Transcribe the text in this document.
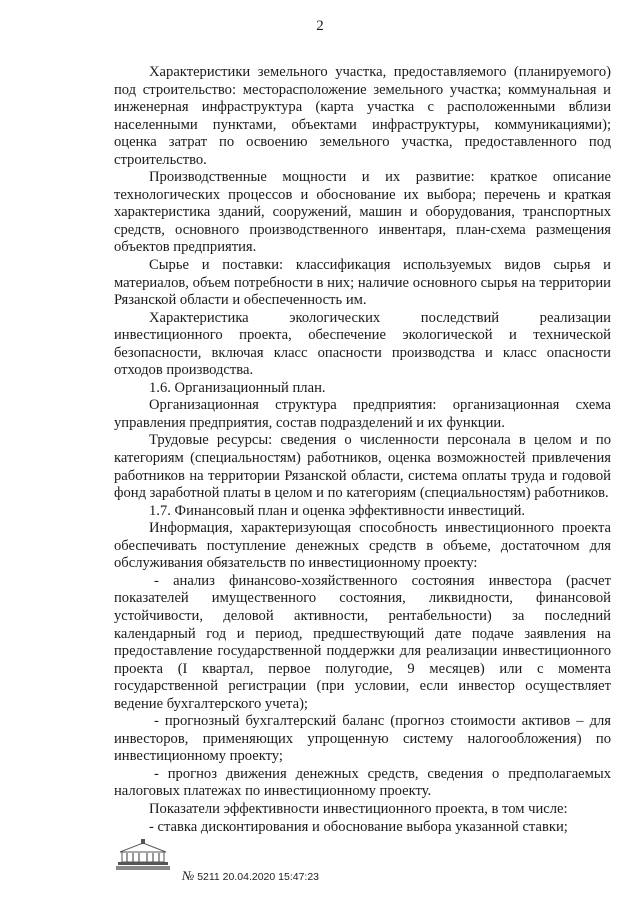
2

Характеристики земельного участка, предоставляемого (планируемого) под строительство: месторасположение земельного участка; коммунальная и инженерная инфраструктура (карта участка с расположенными вблизи населенными пунктами, объектами инфраструктуры, коммуникациями); оценка затрат по освоению земельного участка, предоставленного под строительство.

Производственные мощности и их развитие: краткое описание технологических процессов и обоснование их выбора; перечень и краткая характеристика зданий, сооружений, машин и оборудования, транспортных средств, основного производственного инвентаря, план-схема размещения объектов предприятия.

Сырье и поставки: классификация используемых видов сырья и материалов, объем потребности в них; наличие основного сырья на территории Рязанской области и обеспеченность им.

Характеристика экологических последствий реализации инвестиционного проекта, обеспечение экологической и технической безопасности, включая класс опасности производства и класс опасности отходов производства.

1.6. Организационный план.

Организационная структура предприятия: организационная схема управления предприятия, состав подразделений и их функции.

Трудовые ресурсы: сведения о численности персонала в целом и по категориям (специальностям) работников, оценка возможностей привлечения работников на территории Рязанской области, система оплаты труда и годовой фонд заработной платы в целом и по категориям (специальностям) работников.

1.7. Финансовый план и оценка эффективности инвестиций.

Информация, характеризующая способность инвестиционного проекта обеспечивать поступление денежных средств в объеме, достаточном для обслуживания обязательств по инвестиционному проекту:

- анализ финансово-хозяйственного состояния инвестора (расчет показателей имущественного состояния, ликвидности, финансовой устойчивости, деловой активности, рентабельности) за последний календарный год и период, предшествующий дате подаче заявления на предоставление государственной поддержки для реализации инвестиционного проекта (I квартал, первое полугодие, 9 месяцев) или с момента государственной регистрации (при условии, если инвестор осуществляет ведение бухгалтерского учета);

- прогнозный бухгалтерский баланс (прогноз стоимости активов – для инвесторов, применяющих упрощенную систему налогообложения) по инвестиционному проекту;

- прогноз движения денежных средств, сведения о предполагаемых налоговых платежах по инвестиционному проекту.

Показатели эффективности инвестиционного проекта, в том числе:

- ставка дисконтирования и обоснование выбора указанной ставки;

№ 5211 20.04.2020 15:47:23
